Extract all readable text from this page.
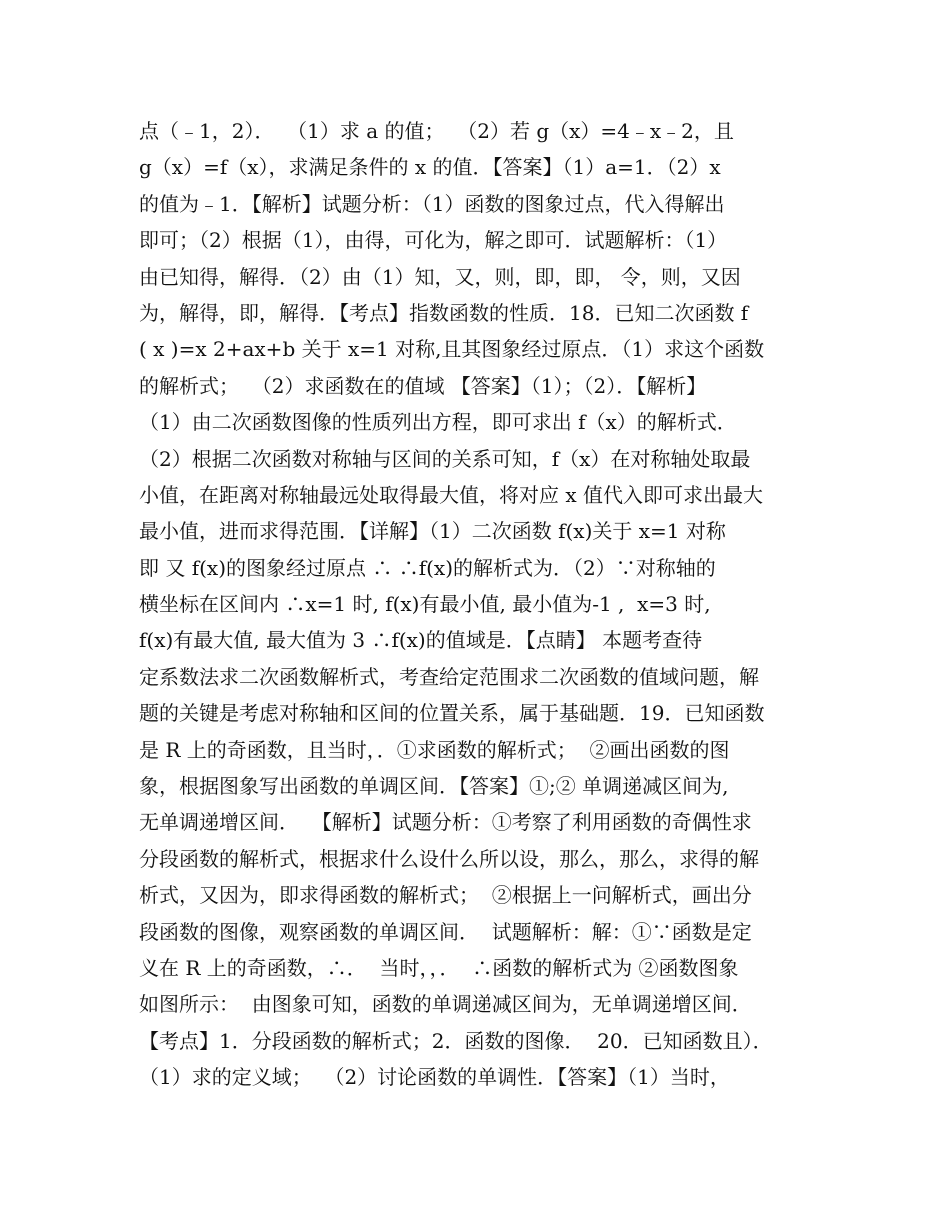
点（﹣1，2）．  （1）求 a 的值；  （2）若 g（x）=4﹣x﹣2，且
g（x）=f（x），求满足条件的 x 的值．【答案】（1）a=1．（2）x
的值为﹣1．【解析】试题分析：（1）函数的图象过点，代入得解出
即可；（2）根据（1），由得，可化为，解之即可．试题解析：（1）
由已知得，解得．（2）由（1）知，又，则，即，即， 令，则，又因
为，解得，即，解得．【考点】指数函数的性质．18．已知二次函数 f
( x )=x 2+ax+b 关于 x=1 对称,且其图象经过原点．（1）求这个函数
的解析式；  （2）求函数在的值域 【答案】（1）；（2）．【解析】
（1）由二次函数图像的性质列出方程，即可求出 f（x）的解析式．
（2）根据二次函数对称轴与区间的关系可知，f（x）在对称轴处取最
小值，在距离对称轴最远处取得最大值，将对应 x 值代入即可求出最大
最小值，进而求得范围．【详解】（1）二次函数 f(x)关于 x=1 对称
即 又 f(x)的图象经过原点 ∴ ∴f(x)的解析式为．（2）∵对称轴的
横坐标在区间内 ∴x=1 时, f(x)有最小值, 最小值为-1 ,  x=3 时,
f(x)有最大值, 最大值为 3 ∴f(x)的值域是．【点睛】 本题考查待
定系数法求二次函数解析式，考查给定范围求二次函数的值域问题，解
题的关键是考虑对称轴和区间的位置关系，属于基础题．19．已知函数
是 R 上的奇函数，且当时，．①求函数的解析式；  ②画出函数的图
象，根据图象写出函数的单调区间．【答案】①;② 单调递减区间为,
无单调递增区间．  【解析】试题分析：①考察了利用函数的奇偶性求
分段函数的解析式，根据求什么设什么所以设，那么，那么，求得的解
析式，又因为，即求得函数的解析式；  ②根据上一问解析式，画出分
段函数的图像，观察函数的单调区间．  试题解析：解：①∵函数是定
义在 R 上的奇函数，∴．  当时，，．  ∴函数的解析式为 ②函数图象
如图所示：  由图象可知，函数的单调递减区间为，无单调递增区间．
【考点】1．分段函数的解析式；2．函数的图像．  20．已知函数且）．
（1）求的定义域；  （2）讨论函数的单调性．【答案】（1）当时，
